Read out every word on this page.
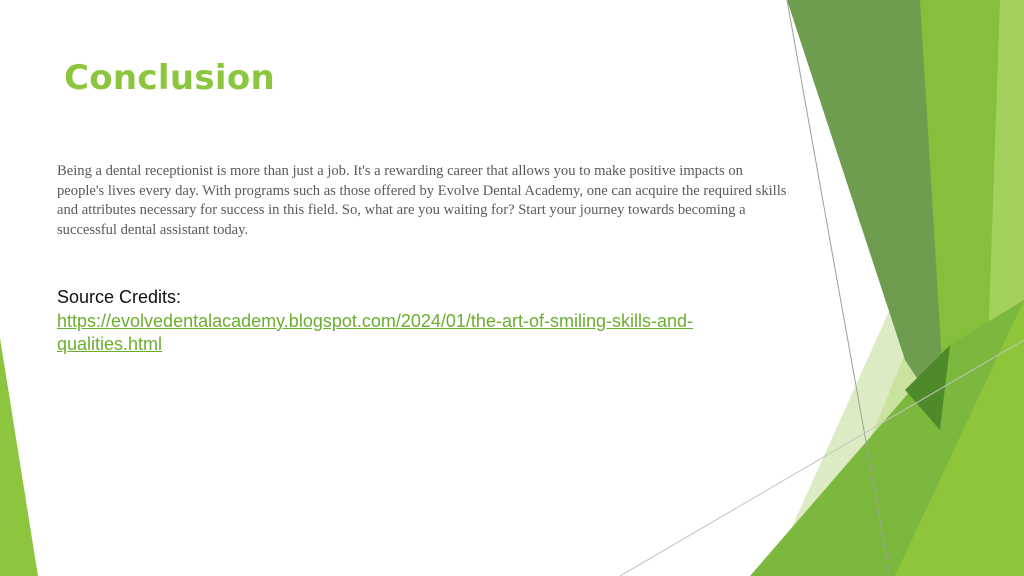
Conclusion

Being a dental receptionist is more than just a job. It's a rewarding career that allows you to make positive impacts on people's lives every day. With programs such as those offered by Evolve Dental Academy, one can acquire the required skills and attributes necessary for success in this field. So, what are you waiting for? Start your journey towards becoming a successful dental assistant today.

Source Credits:

https://evolvedentalacademy.blogspot.com/2024/01/the-art-of-smiling-skills-and-qualities.html
